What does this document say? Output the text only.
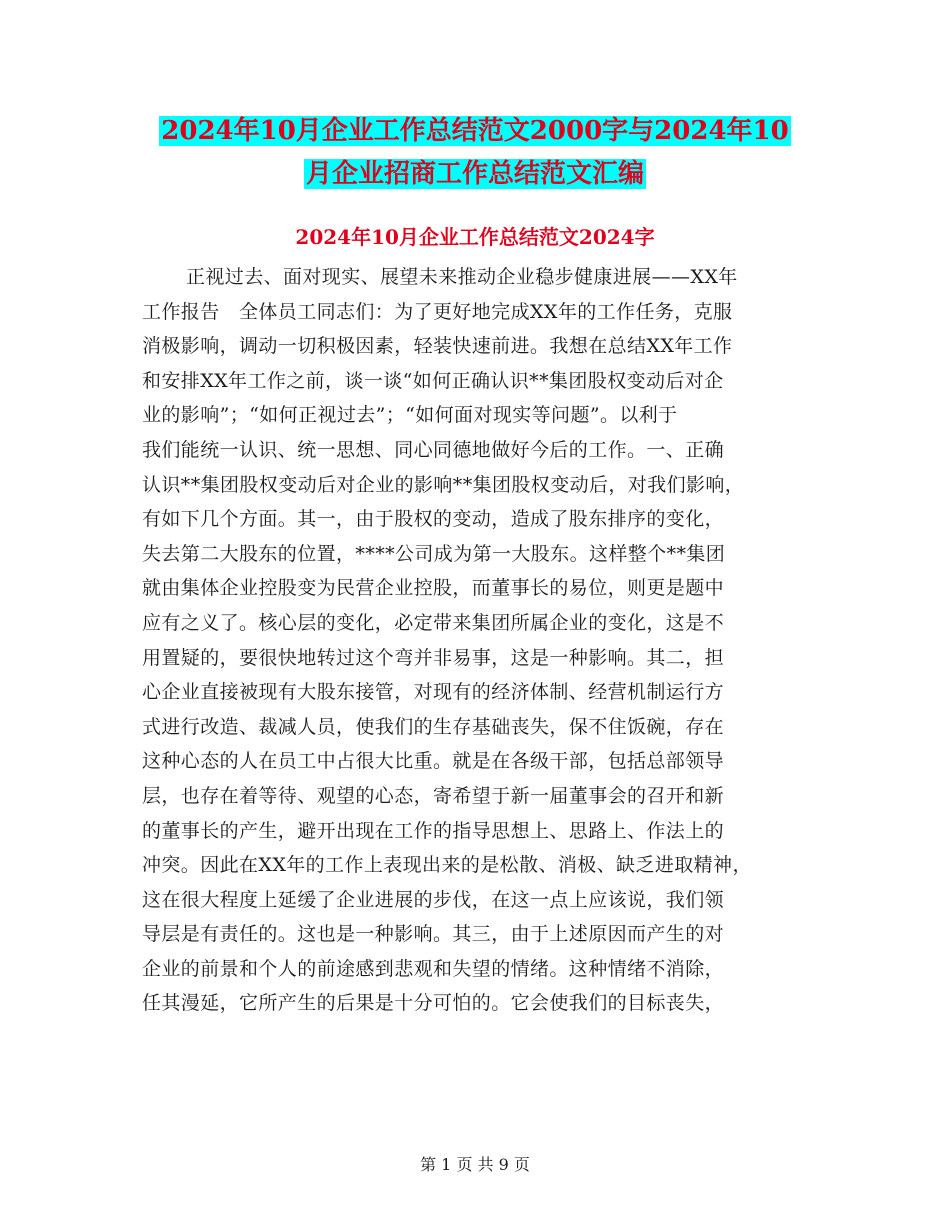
2024年10月企业工作总结范文2000字与2024年10
月企业招商工作总结范文汇编
2024年10月企业工作总结范文2024字
正视过去、面对现实、展望未来推动企业稳步健康进展——XX年
工作报告　全体员工同志们：为了更好地完成XX年的工作任务，克服
消极影响，调动一切积极因素，轻装快速前进。我想在总结XX年工作
和安排XX年工作之前，谈一谈“如何正确认识**集团股权变动后对企
业的影响”；“如何正视过去”；“如何面对现实等问题”。以利于
我们能统一认识、统一思想、同心同德地做好今后的工作。一、正确
认识**集团股权变动后对企业的影响**集团股权变动后，对我们影响，
有如下几个方面。其一，由于股权的变动，造成了股东排序的变化，
失去第二大股东的位置，****公司成为第一大股东。这样整个**集团
就由集体企业控股变为民营企业控股，而董事长的易位，则更是题中
应有之义了。核心层的变化，必定带来集团所属企业的变化，这是不
用置疑的，要很快地转过这个弯并非易事，这是一种影响。其二，担
心企业直接被现有大股东接管，对现有的经济体制、经营机制运行方
式进行改造、裁减人员，使我们的生存基础丧失，保不住饭碗，存在
这种心态的人在员工中占很大比重。就是在各级干部，包括总部领导
层，也存在着等待、观望的心态，寄希望于新一届董事会的召开和新
的董事长的产生，避开出现在工作的指导思想上、思路上、作法上的
冲突。因此在XX年的工作上表现出来的是松散、消极、缺乏进取精神，
这在很大程度上延缓了企业进展的步伐，在这一点上应该说，我们领
导层是有责任的。这也是一种影响。其三，由于上述原因而产生的对
企业的前景和个人的前途感到悲观和失望的情绪。这种情绪不消除，
任其漫延，它所产生的后果是十分可怕的。它会使我们的目标丧失，
第 1 页 共 9 页
